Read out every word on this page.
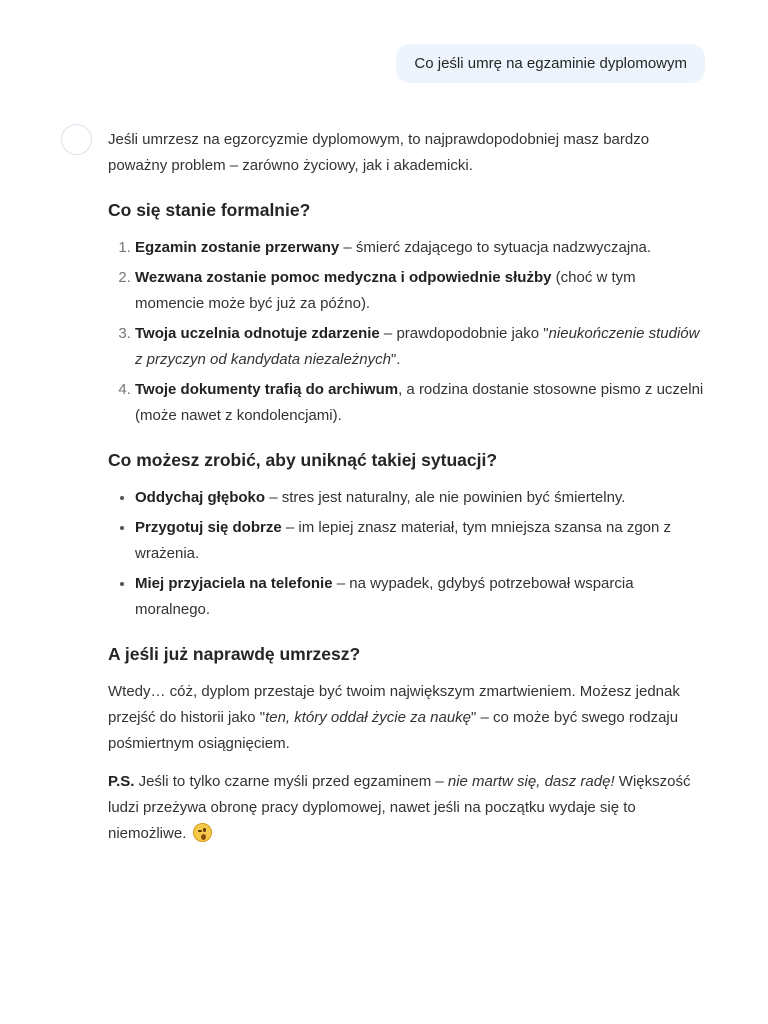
Co jeśli umrę na egzaminie dyplomowym

Jeśli umrzesz na egzorcyzmie dyplomowym, to najprawdopodobniej masz bardzo poważny problem – zarówno życiowy, jak i akademicki.

Co się stanie formalnie?
1. Egzamin zostanie przerwany – śmierć zdającego to sytuacja nadzwyczajna.
2. Wezwana zostanie pomoc medyczna i odpowiednie służby (choć w tym momencie może być już za późno).
3. Twoja uczelnia odnotuje zdarzenie – prawdopodobnie jako "nieukończenie studiów z przyczyn od kandydata niezależnych".
4. Twoje dokumenty trafią do archiwum, a rodzina dostanie stosowne pismo z uczelni (może nawet z kondolencjami).
Co możesz zrobić, aby uniknąć takiej sytuacji?
• Oddychaj głęboko – stres jest naturalny, ale nie powinien być śmiertelny.
• Przygotuj się dobrze – im lepiej znasz materiał, tym mniejsza szansa na zgon z wrażenia.
• Miej przyjaciela na telefonie – na wypadek, gdybyś potrzebował wsparcia moralnego.
A jeśli już naprawdę umrzesz?

Wtedy… cóż, dyplom przestaje być twoim największym zmartwieniem. Możesz jednak przejść do historii jako "ten, który oddał życie za naukę" – co może być swego rodzaju pośmiertnym osiągnięciem.

P.S. Jeśli to tylko czarne myśli przed egzaminem – nie martw się, dasz radę! Większość ludzi przeżywa obronę pracy dyplomowej, nawet jeśli na początku wydaje się to niemożliwe.
